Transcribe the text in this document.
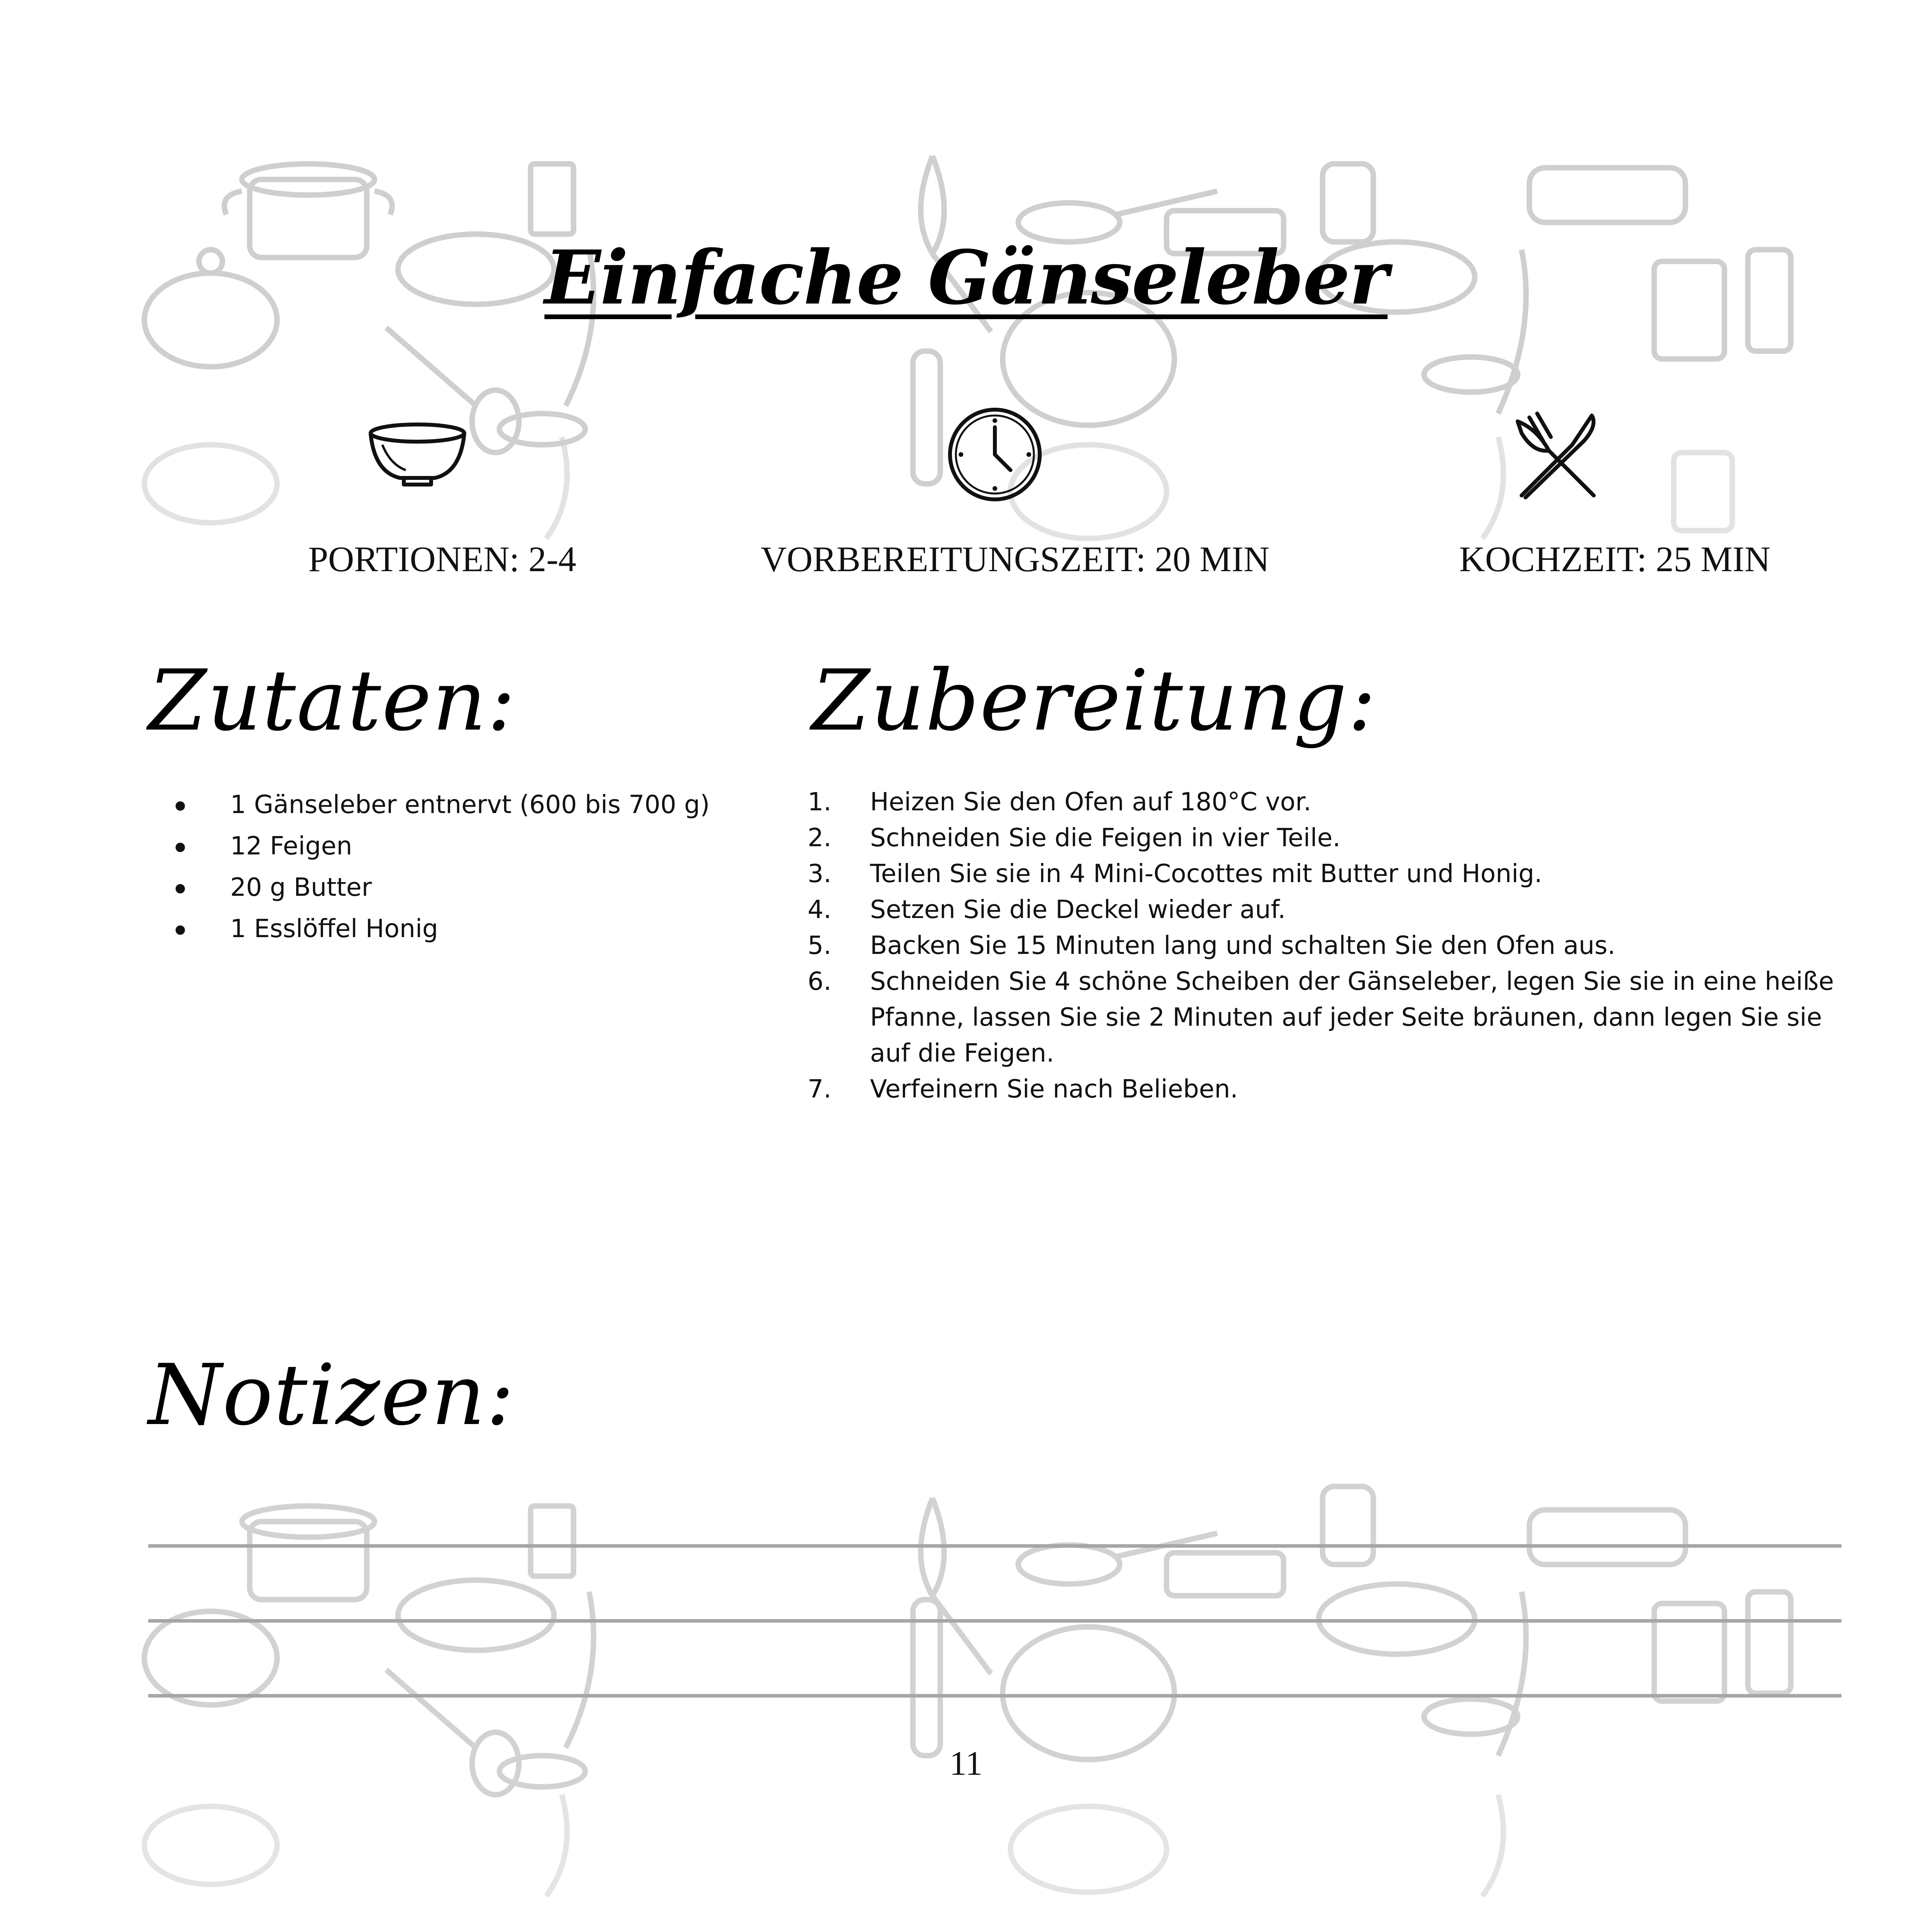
Einfache Gänseleber
PORTIONEN: 2-4	VORBEREITUNGSZEIT: 20 MIN	KOCHZEIT: 25 MIN
Zutaten:
1 Gänseleber entnervt (600 bis 700 g)
12 Feigen
20 g Butter
1 Esslöffel Honig
Zubereitung:
1. Heizen Sie den Ofen auf 180°C vor.
2. Schneiden Sie die Feigen in vier Teile.
3. Teilen Sie sie in 4 Mini-Cocottes mit Butter und Honig.
4. Setzen Sie die Deckel wieder auf.
5. Backen Sie 15 Minuten lang und schalten Sie den Ofen aus.
6. Schneiden Sie 4 schöne Scheiben der Gänseleber, legen Sie sie in eine heiße Pfanne, lassen Sie sie 2 Minuten auf jeder Seite bräunen, dann legen Sie sie auf die Feigen.
7. Verfeinern Sie nach Belieben.
Notizen:
11
